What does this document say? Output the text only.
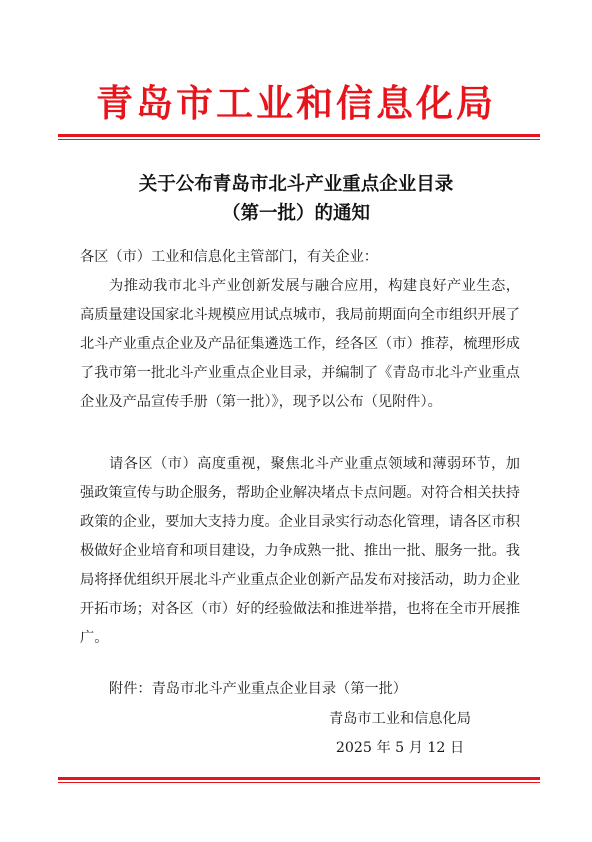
青岛市工业和信息化局
关于公布青岛市北斗产业重点企业目录
（第一批）的通知
各区（市）工业和信息化主管部门，有关企业：
为推动我市北斗产业创新发展与融合应用，构建良好产业生态，高质量建设国家北斗规模应用试点城市，我局前期面向全市组织开展了北斗产业重点企业及产品征集遴选工作，经各区（市）推荐，梳理形成了我市第一批北斗产业重点企业目录，并编制了《青岛市北斗产业重点企业及产品宣传手册（第一批）》，现予以公布（见附件）。
请各区（市）高度重视，聚焦北斗产业重点领域和薄弱环节，加强政策宣传与助企服务，帮助企业解决堵点卡点问题。对符合相关扶持政策的企业，要加大支持力度。企业目录实行动态化管理，请各区市积极做好企业培育和项目建设，力争成熟一批、推出一批、服务一批。我局将择优组织开展北斗产业重点企业创新产品发布对接活动，助力企业开拓市场；对各区（市）好的经验做法和推进举措，也将在全市开展推广。
附件：青岛市北斗产业重点企业目录（第一批）
青岛市工业和信息化局
2025 年 5 月 12 日
